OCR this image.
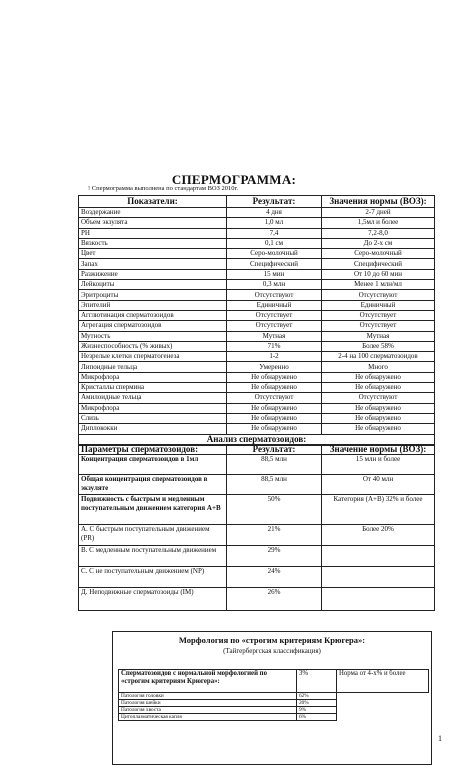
СПЕРМОГРАММА:
! Спермограмма выполнена по стандартам ВОЗ 2010г.
Показатели:	Результат:	Значения нормы (ВОЗ):
Воздержание	4 дня	2-7 дней
Объем экзулята	1,0 мл	1,5мл и более
PH	7,4	7,2-8,0
Вязкость	0,1 см	До 2-х см
Цвет	Серо-молочный	Серо-молочный
Запах	Специфический	Специфический
Разжижение	15 мин	От 10 до 60 мин
Лейкоциты	0,3 млн	Менее 1 млн/мл
Эритроциты	Отсутствуют	Отсутствуют
Эпителий	Единичный	Единичный
Агглютинация сперматозоидов	Отсутствует	Отсутствует
Агрегация сперматозоидов	Отсутствует	Отсутствует
Мутность	Мутная	Мутная
Жизнеспособность (% живых)	71%	Более 58%
Незрелые клетки сперматогенеза	1-2	2-4 на 100 сперматозоидов
Липоидные тельца	Умеренно	Много
Микрофлора	Не обнаружено	Не обнаружено
Кристаллы спермина	Не обнаружено	Не обнаружено
Амилоидные тельца	Отсутствуют	Отсутствуют
Микрофлора	Не обнаружено	Не обнаружено
Слизь	Не обнаружено	Не обнаружено
Диплококки	Не обнаружено	Не обнаружено
Анализ сперматозоидов:		
Параметры сперматозоидов:	Результат:	Значение нормы (ВОЗ):
Концентрация сперматозоидов в 1мл	88,5 млн	15 млн и более
Общая концентрация сперматозоидов в экзуляте	88,5 млн	От 40 млн
Подвижность с быстрым и медленным поступательным движением категория А+В	50%	Категория (А+В) 32% и более
А. С быстрым поступательным движением (PR)	21%	Более 20%
В. С медленным поступательным движением	29%	
С. С не поступательным движением (NP)	24%	
Д. Неподвижные сперматозоиды (IM)	26%	
Морфология по «строгим критериям Крюгера»:
(Тайгербергская классификация)
Сперматозоидов с нормальной морфологией по «строгим критериям Крюгера»:	3%	Норма от 4-х% и более
Патология головки	62%	
Патология шейки	20%	
Патология хвоста	9%	
Цитоплазматическая капля	6%	
1
